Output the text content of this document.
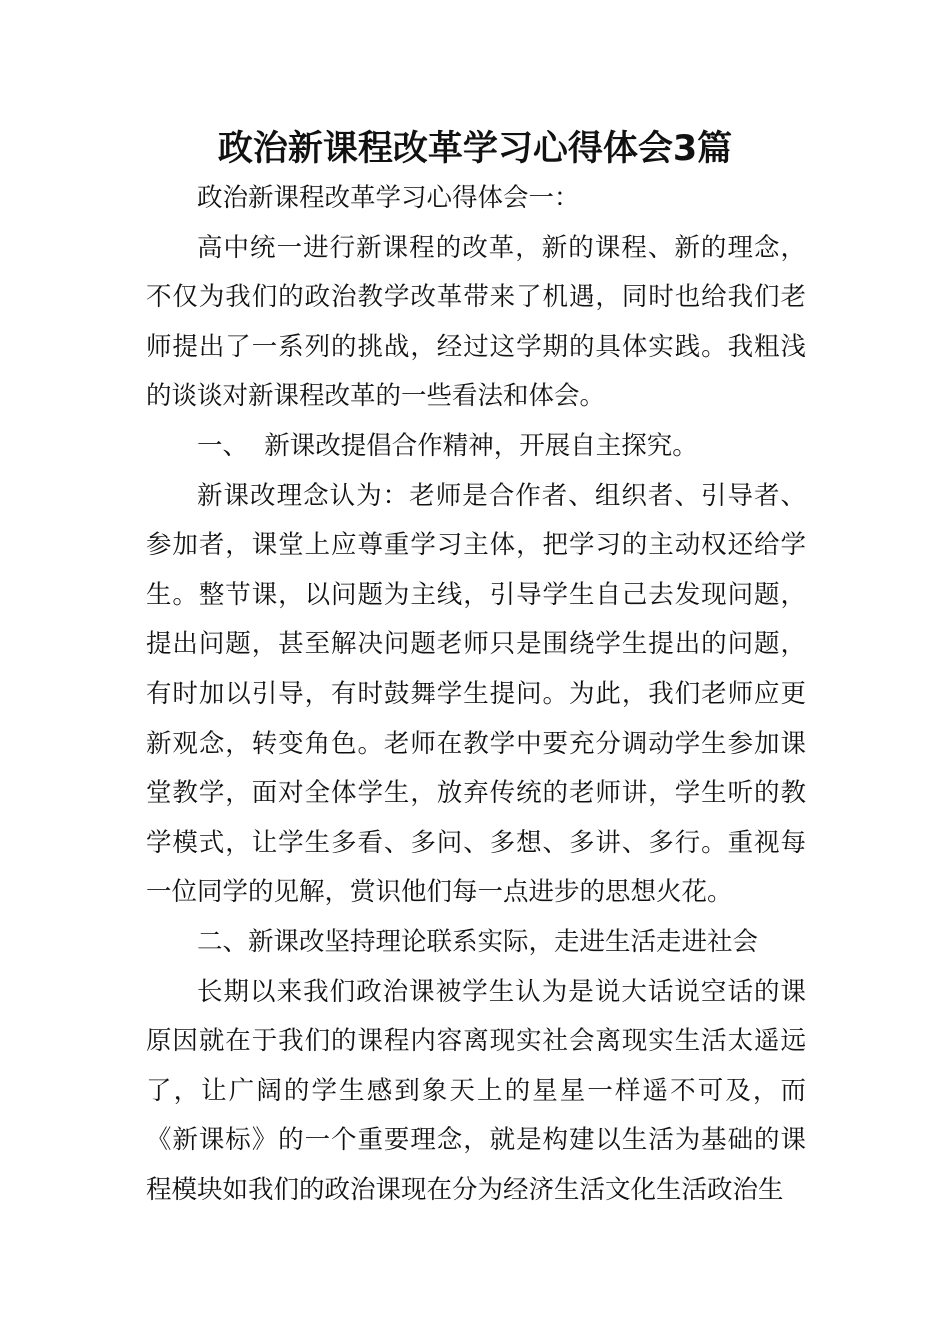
政治新课程改革学习心得体会3篇

政治新课程改革学习心得体会一：

高中统一进行新课程的改革，新的课程、新的理念，不仅为我们的政治教学改革带来了机遇，同时也给我们老师提出了一系列的挑战，经过这学期的具体实践。我粗浅的谈谈对新课程改革的一些看法和体会。

一、  新课改提倡合作精神，开展自主探究。

新课改理念认为：老师是合作者、组织者、引导者、参加者，课堂上应尊重学习主体，把学习的主动权还给学生。整节课，以问题为主线，引导学生自己去发现问题，提出问题，甚至解决问题老师只是围绕学生提出的问题，有时加以引导，有时鼓舞学生提问。为此，我们老师应更新观念，转变角色。老师在教学中要充分调动学生参加课堂教学，面对全体学生，放弃传统的老师讲，学生听的教学模式，让学生多看、多问、多想、多讲、多行。重视每一位同学的见解，赏识他们每一点进步的思想火花。

二、新课改坚持理论联系实际，走进生活走进社会

长期以来我们政治课被学生认为是说大话说空话的课原因就在于我们的课程内容离现实社会离现实生活太遥远了，让广阔的学生感到象天上的星星一样遥不可及，而《新课标》的一个重要理念，就是构建以生活为基础的课程模块如我们的政治课现在分为经济生活文化生活政治生
